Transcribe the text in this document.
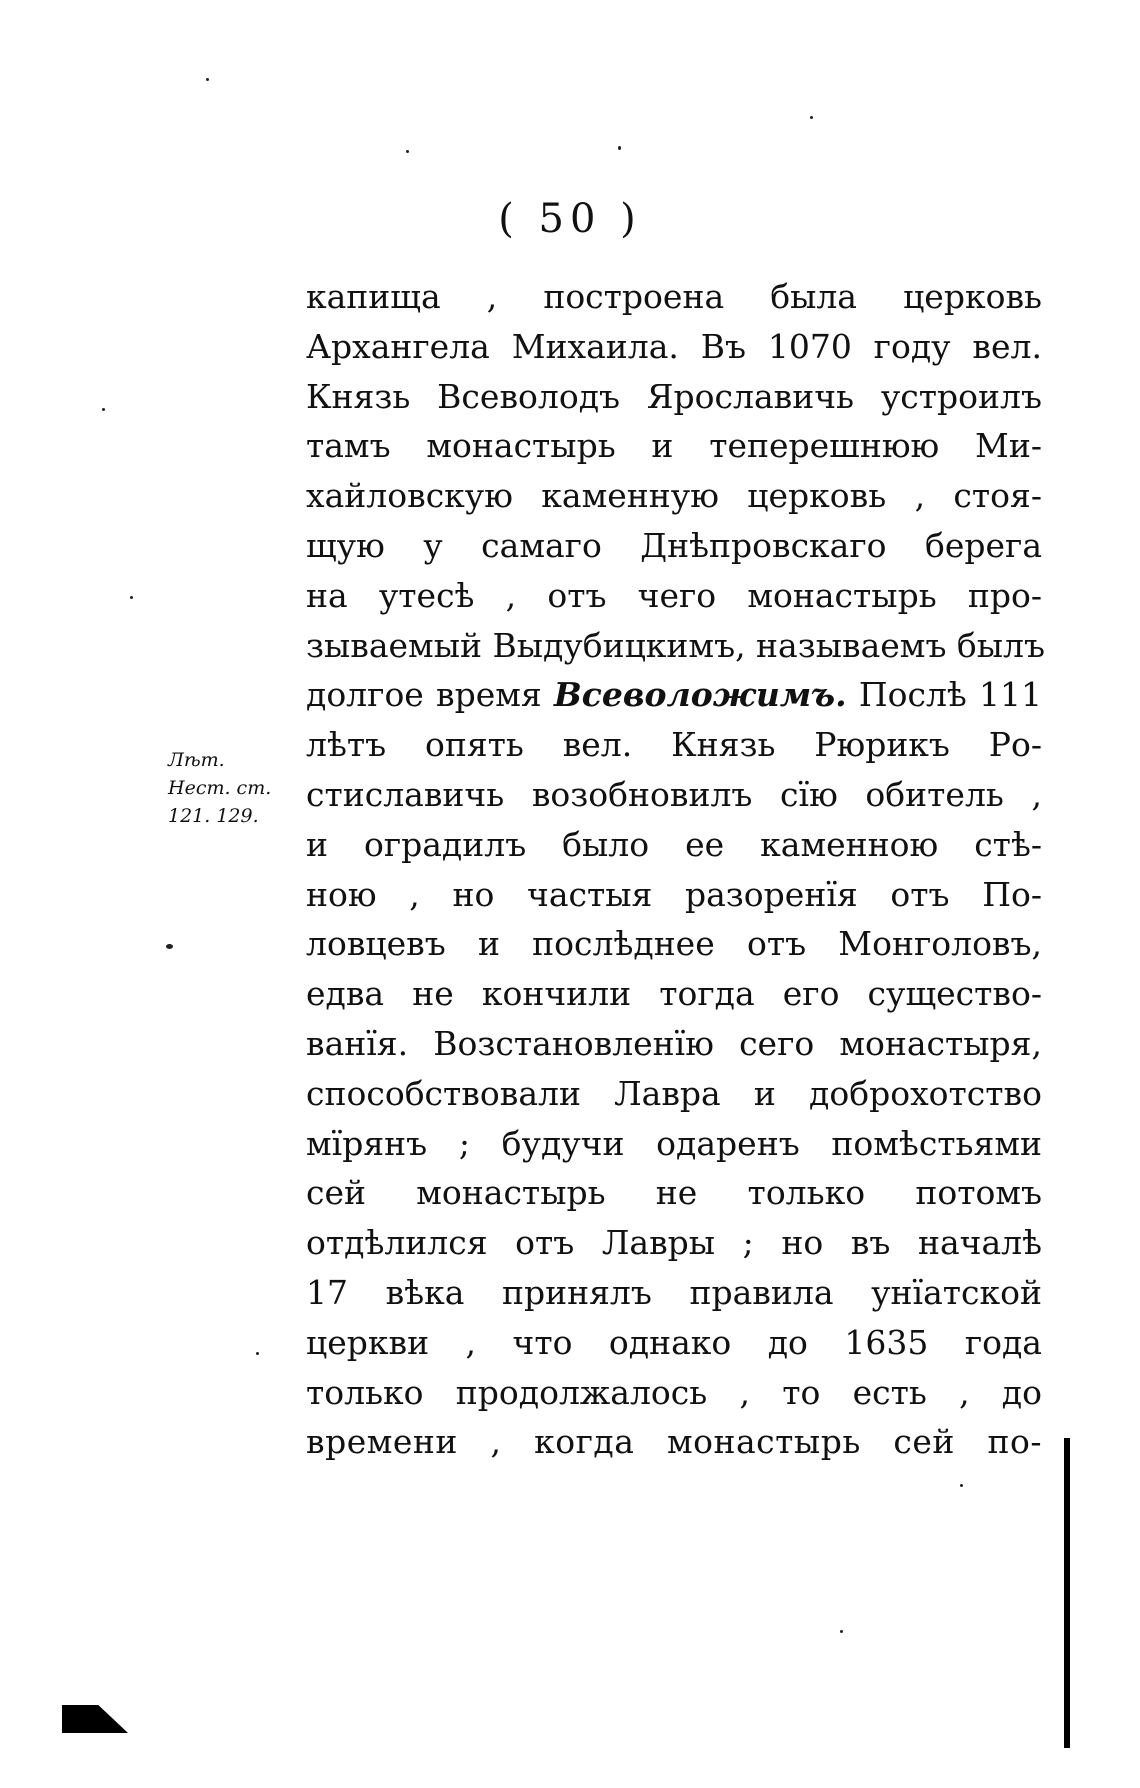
( 50 )
капища , построена была церковь
Архангела Михаила. Въ 1070 году вел.
Князь Всеволодъ Ярославичь устроилъ
тамъ монастырь и теперешнюю Ми-
хайловскую каменную церковь , стоя-
щую у самаго Днѣпровскаго берега
на утесѣ , отъ чего монастырь про-
зываемый Выдубицкимъ, называемъ былъ
долгое время Всеволожимъ. Послѣ 111
лѣтъ опять вел. Князь Рюрикъ Ро-
стиславичь возобновилъ сїю обитель ,
и оградилъ было ее каменною стѣ-
ною , но частыя разоренїя отъ По-
ловцевъ и послѣднее отъ Монголовъ,
едва не кончили тогда его существо-
ванїя. Возстановленїю сего монастыря,
способствовали Лавра и доброхотство
мїрянъ ; будучи одаренъ помѣстьями
сей монастырь не только потомъ
отдѣлился отъ Лавры ; но въ началѣ
17 вѣка принялъ правила унїатской
церкви , что однако до 1635 года
только продолжалось , то есть , до
времени , когда монастырь сей по-
Лѣт.
Нест. ст.
121. 129.
